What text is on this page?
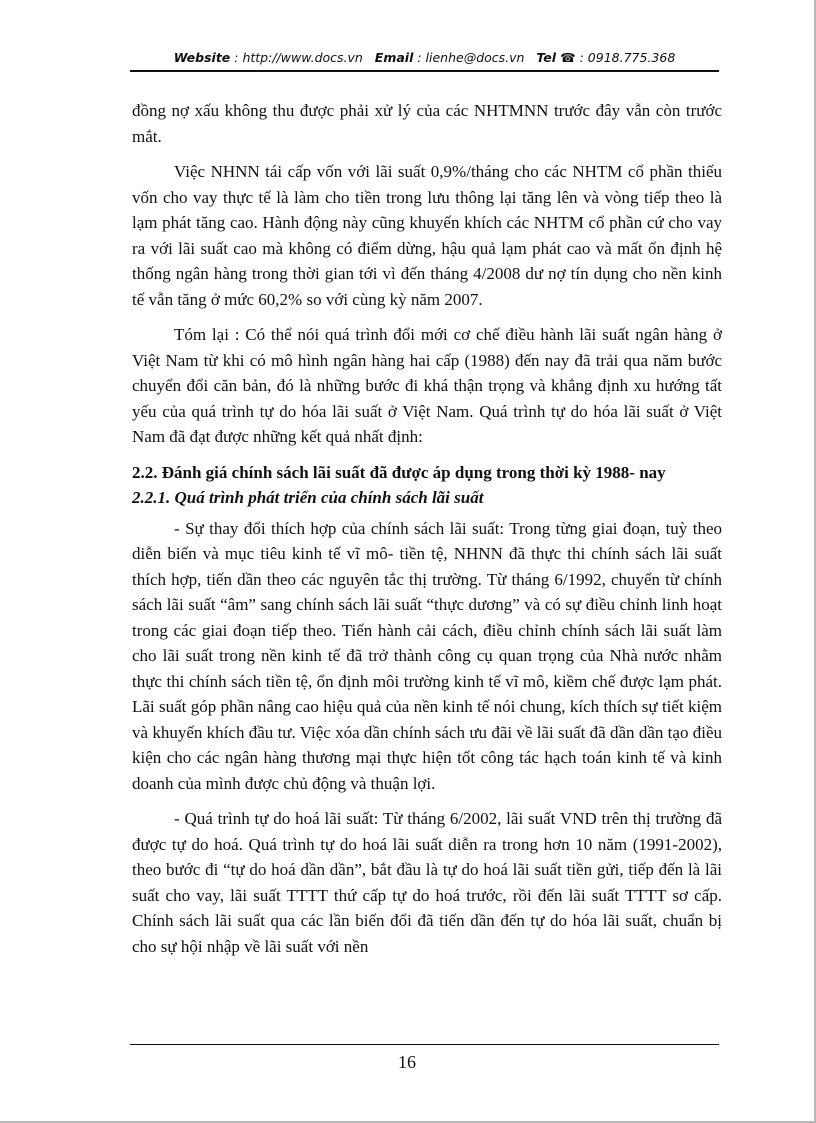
Website : http://www.docs.vn Email : lienhe@docs.vn Tel ☎ : 0918.775.368

đồng nợ xấu không thu được phải xử lý của các NHTMNN trước đây vẫn còn trước mắt.

Việc NHNN tái cấp vốn với lãi suất 0,9%/tháng cho các NHTM cổ phần thiếu vốn cho vay thực tế là làm cho tiền trong lưu thông lại tăng lên và vòng tiếp theo là lạm phát tăng cao. Hành động này cũng khuyến khích các NHTM cổ phần cứ cho vay ra với lãi suất cao mà không có điểm dừng, hậu quả lạm phát cao và mất ổn định hệ thống ngân hàng trong thời gian tới vì đến tháng 4/2008 dư nợ tín dụng cho nền kinh tế vẫn tăng ở mức 60,2% so với cùng kỳ năm 2007.

Tóm lại : Có thể nói quá trình đổi mới cơ chế điều hành lãi suất ngân hàng ở Việt Nam từ khi có mô hình ngân hàng hai cấp (1988) đến nay đã trải qua năm bước chuyển đổi căn bản, đó là những bước đi khá thận trọng và khẳng định xu hướng tất yếu của quá trình tự do hóa lãi suất ở Việt Nam. Quá trình tự do hóa lãi suất ở Việt Nam đã đạt được những kết quả nhất định:

2.2. Đánh giá chính sách lãi suất đã được áp dụng trong thời kỳ 1988- nay
2.2.1. Quá trình phát triển của chính sách lãi suất

- Sự thay đổi thích hợp của chính sách lãi suất: Trong từng giai đoạn, tuỳ theo diễn biến và mục tiêu kinh tế vĩ mô- tiền tệ, NHNN đã thực thi chính sách lãi suất thích hợp, tiến dần theo các nguyên tắc thị trường. Từ tháng 6/1992, chuyển từ chính sách lãi suất “âm” sang chính sách lãi suất “thực dương” và có sự điều chỉnh linh hoạt trong các giai đoạn tiếp theo. Tiến hành cải cách, điều chỉnh chính sách lãi suất làm cho lãi suất trong nền kinh tế đã trở thành công cụ quan trọng của Nhà nước nhằm thực thi chính sách tiền tệ, ổn định môi trường kinh tế vĩ mô, kiềm chế được lạm phát. Lãi suất góp phần nâng cao hiệu quả của nền kinh tế nói chung, kích thích sự tiết kiệm và khuyến khích đầu tư. Việc xóa dần chính sách ưu đãi về lãi suất đã dần dần tạo điều kiện cho các ngân hàng thương mại thực hiện tốt công tác hạch toán kinh tế và kinh doanh của mình được chủ động và thuận lợi.

- Quá trình tự do hoá lãi suất: Từ tháng 6/2002, lãi suất VND trên thị trường đã được tự do hoá. Quá trình tự do hoá lãi suất diễn ra trong hơn 10 năm (1991-2002), theo bước đi “tự do hoá dần dần”, bắt đầu là tự do hoá lãi suất tiền gửi, tiếp đến là lãi suất cho vay, lãi suất TTTT thứ cấp tự do hoá trước, rồi đến lãi suất TTTT sơ cấp. Chính sách lãi suất qua các lần biến đổi đã tiến dần đến tự do hóa lãi suất, chuẩn bị cho sự hội nhập về lãi suất với nền

16
